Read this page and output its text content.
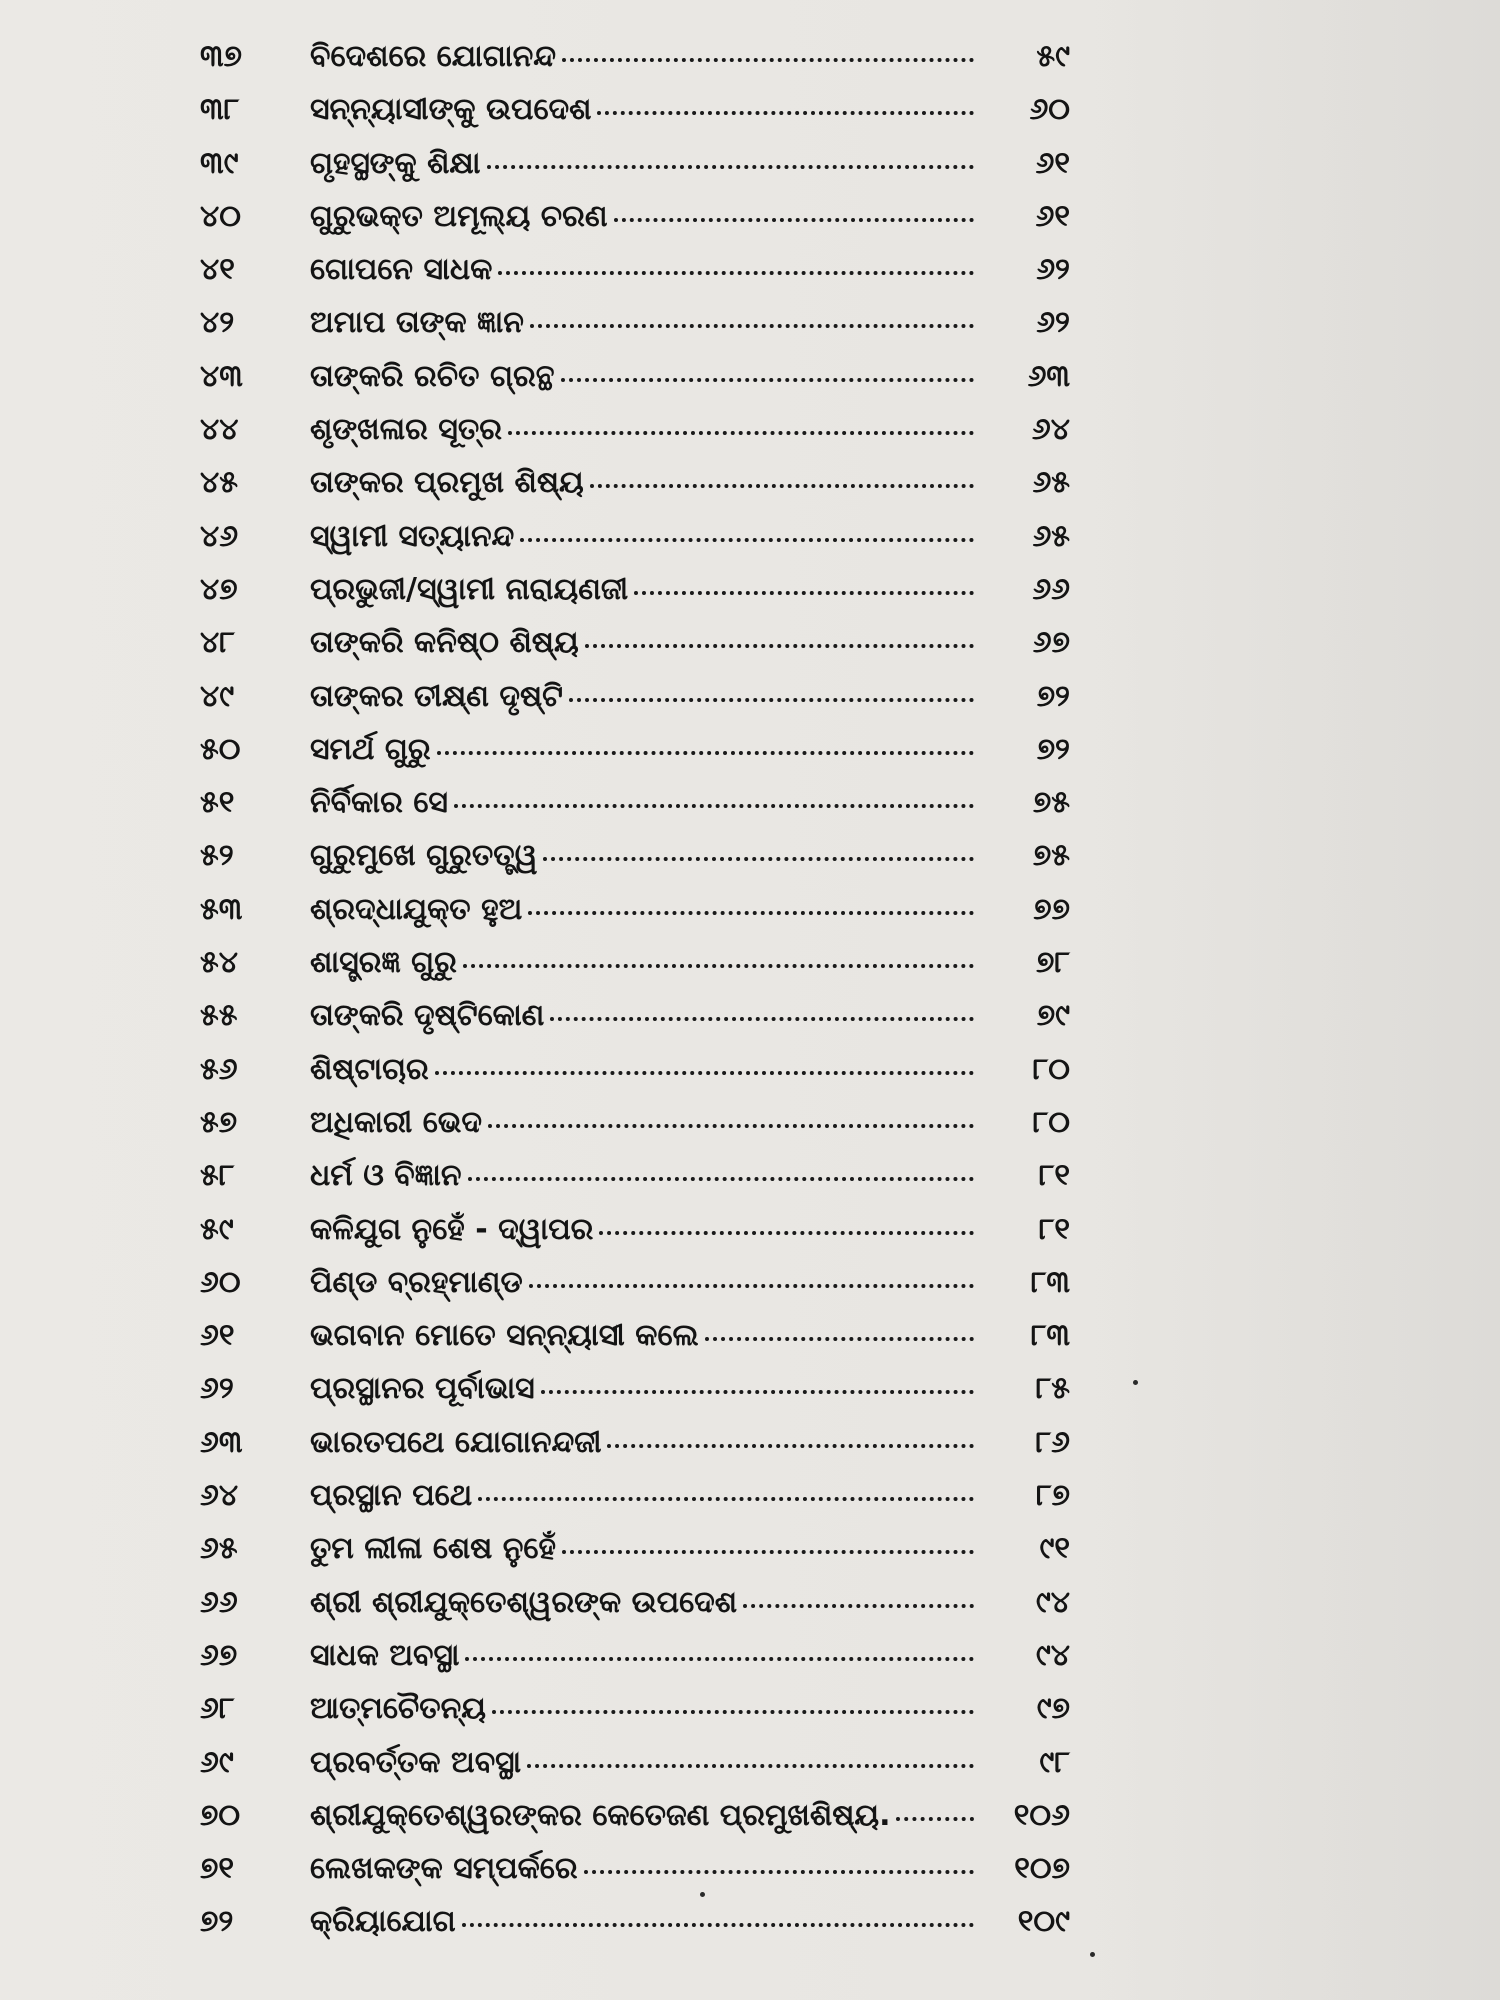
୩୭	ବିଦେଶରେ ଯୋଗାନନ୍ଦ	୫୯
୩୮	ସନ୍ନ୍ୟାସୀଙ୍କୁ ଉପଦେଶ	୬୦
୩୯	ଗୃହସ୍ଥଙ୍କୁ ଶିକ୍ଷା	୬୧
୪୦	ଗୁରୁଭକ୍ତ ଅମୂଲ୍ୟ ଚରଣ	୬୧
୪୧	ଗୋପନେ ସାଧକ	୬୨
୪୨	ଅମାପ ତାଙ୍କ ଜ୍ଞାନ	୬୨
୪୩	ତାଙ୍କରି ରଚିତ ଗ୍ରନ୍ଥ	୬୩
୪୪	ଶୃଙ୍ଖଳାର ସୂତ୍ର	୬୪
୪୫	ତାଙ୍କର ପ୍ରମୁଖ ଶିଷ୍ୟ	୬୫
୪୬	ସ୍ୱାମୀ ସତ୍ୟାନନ୍ଦ	୬୫
୪୭	ପ୍ରଭୁଜୀ/ସ୍ୱାମୀ ନାରାୟଣଜୀ	୬୬
୪୮	ତାଙ୍କରି କନିଷ୍ଠ ଶିଷ୍ୟ	୬୭
୪୯	ତାଙ୍କର ତୀକ୍ଷ୍ଣ ଦୃଷ୍ଟି	୭୨
୫୦	ସମର୍ଥ ଗୁରୁ	୭୨
୫୧	ନିର୍ବିକାର ସେ	୭୫
୫୨	ଗୁରୁମୁଖେ ଗୁରୁତତ୍ତ୍ୱ	୭୫
୫୩	ଶ୍ରଦ୍ଧାଯୁକ୍ତ ହୁଅ	୭୭
୫୪	ଶାସ୍ତ୍ରଜ୍ଞ ଗୁରୁ	୭୮
୫୫	ତାଙ୍କରି ଦୃଷ୍ଟିକୋଣ	୭୯
୫୬	ଶିଷ୍ଟାଚାର	୮୦
୫୭	ଅଧିକାରୀ ଭେଦ	୮୦
୫୮	ଧର୍ମ ଓ ବିଜ୍ଞାନ	୮୧
୫୯	କଳିଯୁଗ ନୁହେଁ - ଦ୍ୱାପର	୮୧
୬୦	ପିଣ୍ଡ ବ୍ରହ୍ମାଣ୍ଡ	୮୩
୬୧	ଭଗବାନ ମୋତେ ସନ୍ନ୍ୟାସୀ କଲେ	୮୩
୬୨	ପ୍ରସ୍ଥାନର ପୂର୍ବାଭାସ	୮୫
୬୩	ଭାରତପଥେ ଯୋଗାନନ୍ଦଜୀ	୮୬
୬୪	ପ୍ରସ୍ଥାନ ପଥେ	୮୭
୬୫	ତୁମ ଲୀଳା ଶେଷ ନୁହେଁ	୯୧
୬୬	ଶ୍ରୀ ଶ୍ରୀଯୁକ୍ତେଶ୍ୱରଙ୍କ ଉପଦେଶ	୯୪
୬୭	ସାଧକ ଅବସ୍ଥା	୯୪
୬୮	ଆତ୍ମଚୈତନ୍ୟ	୯୭
୬୯	ପ୍ରବର୍ତ୍ତକ ଅବସ୍ଥା	୯୮
୭୦	ଶ୍ରୀଯୁକ୍ତେଶ୍ୱରଙ୍କର କେତେଜଣ ପ୍ରମୁଖଶିଷ୍ୟ.	୧୦୬
୭୧	ଲେଖକଙ୍କ ସମ୍ପର୍କରେ	୧୦୭
୭୨	କ୍ରିୟାଯୋଗ	୧୦୯
